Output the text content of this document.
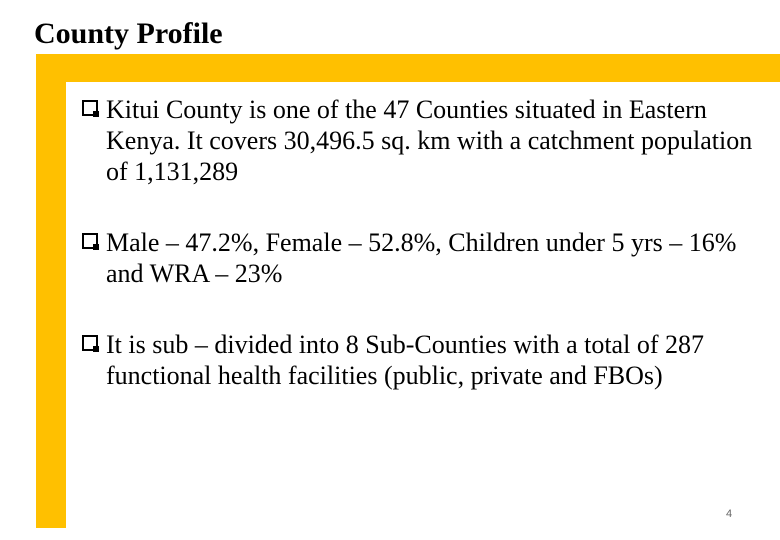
County Profile
Kitui County is one of the 47 Counties situated in Eastern Kenya. It covers 30,496.5 sq. km with a catchment population of 1,131,289
Male – 47.2%, Female – 52.8%, Children under 5 yrs – 16% and WRA – 23%
It is sub – divided into 8 Sub-Counties with a total of 287 functional health facilities (public, private and FBOs)
4
